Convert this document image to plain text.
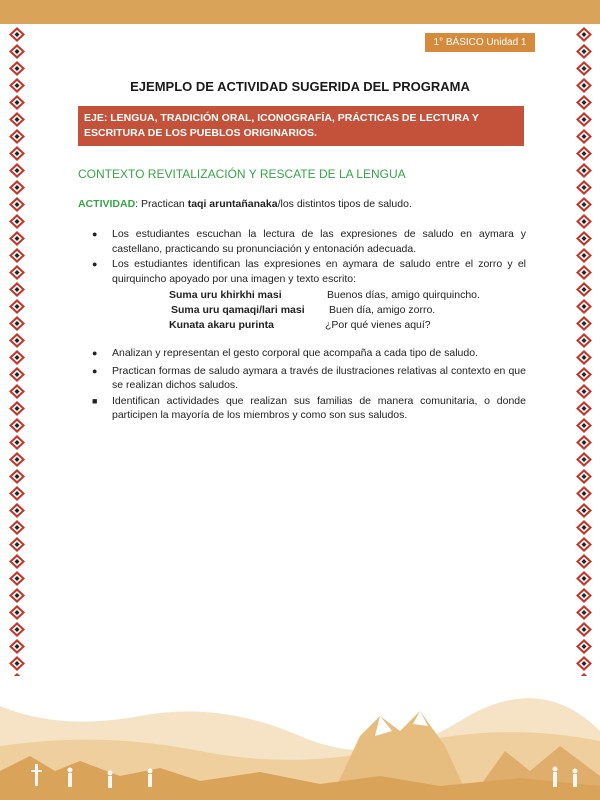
1° BÁSICO Unidad 1
EJEMPLO DE ACTIVIDAD SUGERIDA DEL PROGRAMA
EJE: LENGUA, TRADICIÓN ORAL, ICONOGRAFÍA, PRÁCTICAS DE LECTURA Y ESCRITURA DE LOS PUEBLOS ORIGINARIOS.
CONTEXTO REVITALIZACIÓN Y RESCATE DE LA LENGUA
ACTIVIDAD: Practican taqi aruntañanaka/los distintos tipos de saludo.
●	Los estudiantes escuchan la lectura de las expresiones de saludo en aymara y castellano, practicando su pronunciación y entonación adecuada.
●	Los estudiantes identifican las expresiones en aymara de saludo entre el zorro y el quirquincho apoyado por una imagen y texto escrito:
Suma uru khirkhi masi	Buenos días, amigo quirquincho.
Suma uru qamaqi/lari masi Buen día, amigo zorro.
Kunata akaru purinta	¿Por qué vienes aquí?
●	Analizan y representan el gesto corporal que acompaña a cada tipo de saludo.
●	Practican formas de saludo aymara a través de ilustraciones relativas al contexto en que se realizan dichos saludos.
■	Identifican actividades que realizan sus familias de manera comunitaria, o donde participen la mayoría de los miembros y como son sus saludos.
